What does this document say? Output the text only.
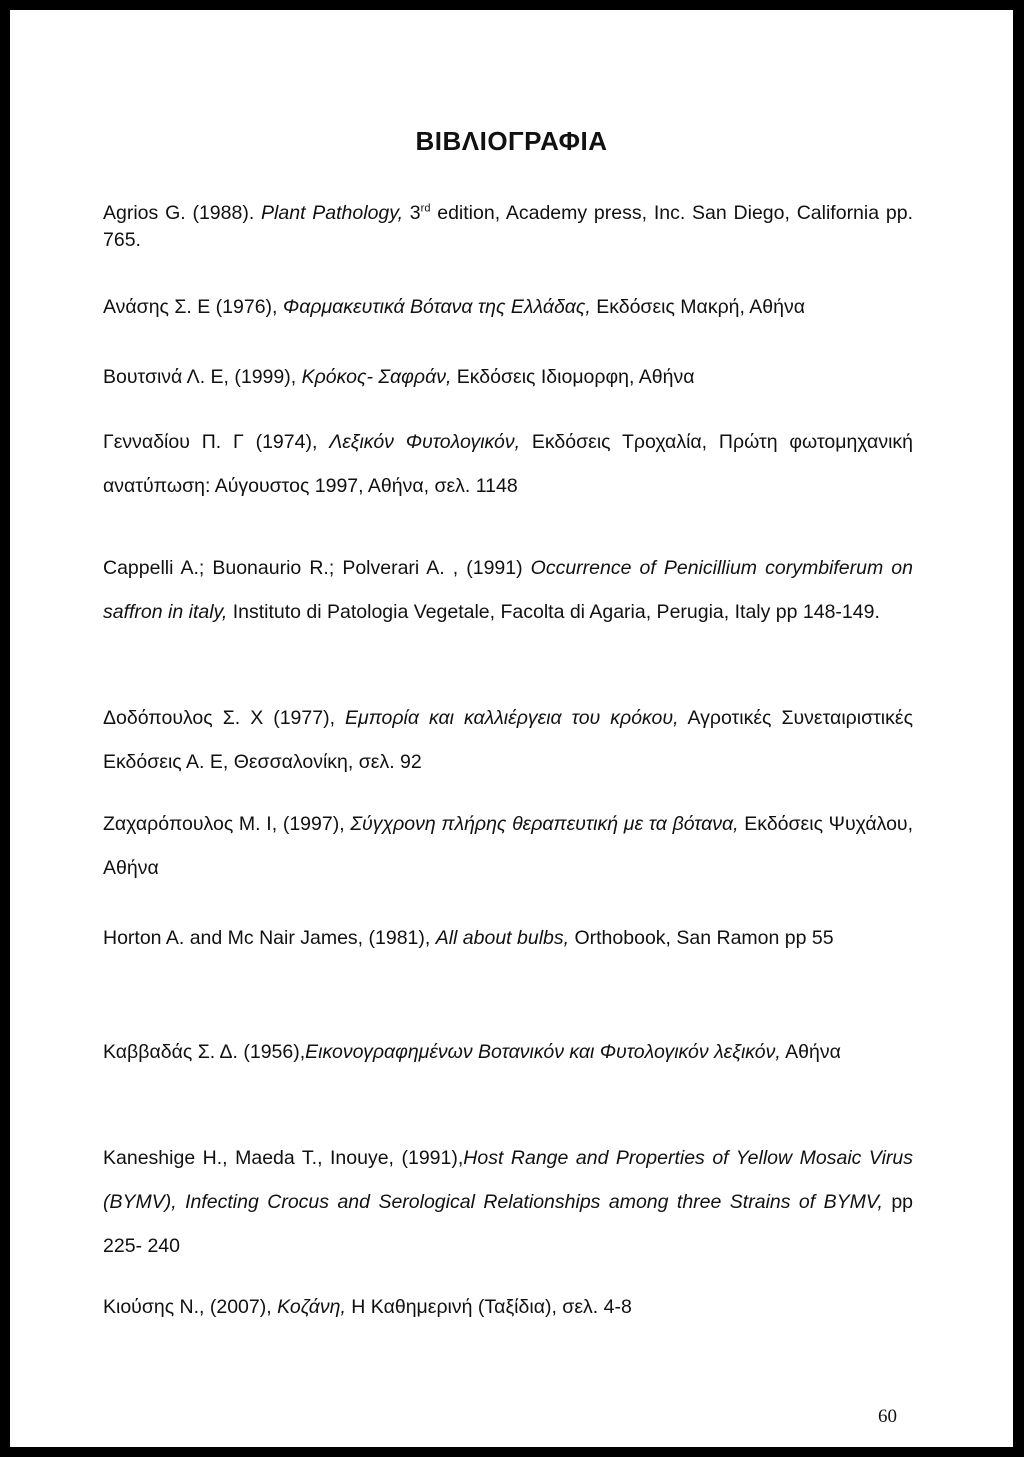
ΒΙΒΛΙΟΓΡΑΦΙΑ
Agrios G. (1988). Plant Pathology, 3rd edition, Academy press, Inc. San Diego, California pp. 765.
Ανάσης Σ. Ε (1976), Φαρμακευτικά Βότανα της Ελλάδας, Εκδόσεις Μακρή, Αθήνα
Βουτσινά Λ. Ε, (1999), Κρόκος- Σαφράν, Εκδόσεις Ιδιομορφη, Αθήνα
Γενναδίου Π. Γ (1974), Λεξικόν Φυτολογικόν, Εκδόσεις Τροχαλία, Πρώτη φωτομηχανική ανατύπωση: Αύγουστος 1997, Αθήνα, σελ. 1148
Cappelli A.; Buonaurio R.; Polverari A. , (1991) Occurrence of Penicillium corymbiferum on saffron in italy, Instituto di Patologia Vegetale, Facolta di Agaria, Perugia, Italy pp 148-149.
Δοδόπουλος Σ. Χ (1977), Εμπορία και καλλιέργεια του κρόκου, Αγροτικές Συνεταιριστικές Εκδόσεις Α. Ε, Θεσσαλονίκη, σελ. 92
Ζαχαρόπουλος Μ. Ι, (1997), Σύγχρονη πλήρης θεραπευτική με τα βότανα, Εκδόσεις Ψυχάλου, Αθήνα
Horton A. and Mc Nair James, (1981), All about bulbs, Orthobook, San Ramon pp 55
Καββαδάς Σ. Δ. (1956),Εικονογραφημένων Βοτανικόν και Φυτολογικόν λεξικόν, Αθήνα
Kaneshige H., Maeda T., Inouye, (1991),Host Range and Properties of Yellow Mosaic Virus (BYMV), Infecting Crocus and Serological Relationships among three Strains of BYMV, pp 225- 240
Κιούσης Ν., (2007), Κοζάνη, Η Καθημερινή (Ταξίδια), σελ. 4-8
60
